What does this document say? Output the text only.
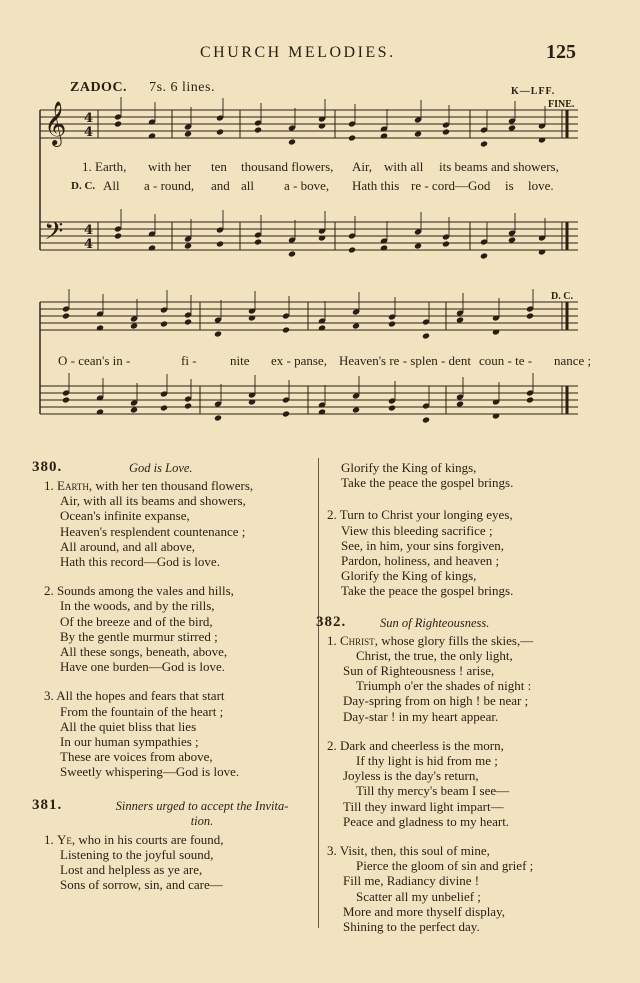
CHURCH MELODIES.	125
ZADOC. 7s. 6 lines.	K—LFF.
FINE.
D. C.
𝄞
𝄢
4
4
4
4
1. Earth, with her ten thousand flowers, Air, with all its beams and showers,
D. C. All a - round, and all a - bove, Hath this re - cord —God is love.
O - cean's in -	fi -	nite ex - panse, Heaven's re - splen - dent coun - te - nance ;
380.	God is Love.
1. Earth, with her ten thousand flowers,
Air, with all its beams and showers,
Ocean's infinite expanse,
Heaven's resplendent countenance ;
All around, and all above,
Hath this record—God is love.
2. Sounds among the vales and hills,
In the woods, and by the rills,
Of the breeze and of the bird,
By the gentle murmur stirred ;
All these songs, beneath, above,
Have one burden—God is love.
3. All the hopes and fears that start
From the fountain of the heart ;
All the quiet bliss that lies
In our human sympathies ;
These are voices from above,
Sweetly whispering—God is love.
381.	Sinners urged to accept the Invita-
tion.
1. Ye, who in his courts are found,
Listening to the joyful sound,
Lost and helpless as ye are,
Sons of sorrow, sin, and care—
Glorify the King of kings,
Take the peace the gospel brings.
2. Turn to Christ your longing eyes,
View this bleeding sacrifice ;
See, in him, your sins forgiven,
Pardon, holiness, and heaven ;
Glorify the King of kings,
Take the peace the gospel brings.
382.	Sun of Righteousness.
1. Christ, whose glory fills the skies,—
Christ, the true, the only light,
Sun of Righteousness ! arise,
Triumph o'er the shades of night :
Day-spring from on high ! be near ;
Day-star ! in my heart appear.
2. Dark and cheerless is the morn,
If thy light is hid from me ;
Joyless is the day's return,
Till thy mercy's beam I see—
Till they inward light impart—
Peace and gladness to my heart.
3. Visit, then, this soul of mine,
Pierce the gloom of sin and grief ;
Fill me, Radiancy divine !
Scatter all my unbelief ;
More and more thyself display,
Shining to the perfect day.
